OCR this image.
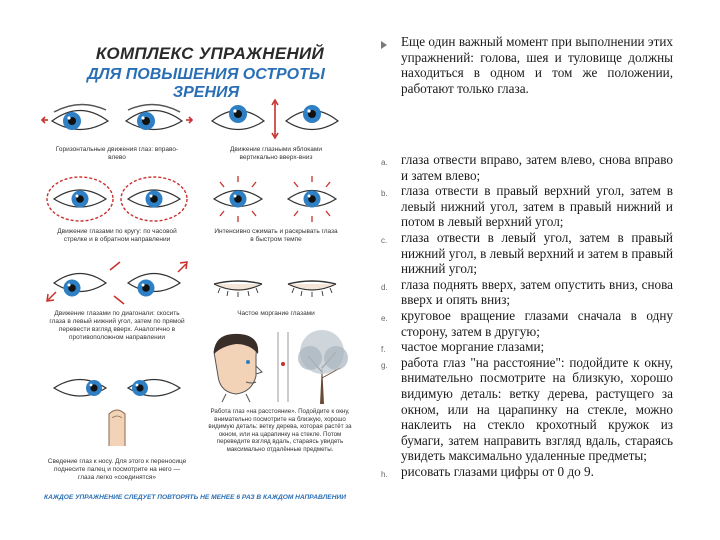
КОМПЛЕКС УПРАЖНЕНИЙ
ДЛЯ ПОВЫШЕНИЯ ОСТРОТЫ ЗРЕНИЯ
Горизонтальные движения глаз: вправо-влево
Движение глазными яблоками вертикально вверх-вниз
Движение глазами по кругу: по часовой стрелке и в обратном направлении
Интенсивно сжимать и раскрывать глаза в быстром темпе
Движение глазами по диагонали: скосить глаза в левый нижний угол, затем по прямой перевести взгляд вверх. Аналогично в противоположном направлении
Частое моргание глазами
Сведение глаз к носу. Для этого к переносице поднесите палец и посмотрите на него — глаза легко «соединятся»
Работа глаз «на расстояние». Подойдите к окну, внимательно посмотрите на близкую, хорошо видимую деталь: ветку дерева, которая растёт за окном, или на царапинку на стекле. Потом переведите взгляд вдаль, стараясь увидеть максимально отдалённые предметы.
КАЖДОЕ УПРАЖНЕНИЕ СЛЕДУЕТ ПОВТОРЯТЬ НЕ МЕНЕЕ 6 РАЗ В КАЖДОМ НАПРАВЛЕНИИ
Еще один важный момент при выполнении этих упражнений: голова, шея и туловище должны находиться в одном и том же положении, работают только глаза.
a. глаза отвести вправо, затем влево, снова вправо и затем влево;
b. глаза отвести в правый верхний угол, затем в левый нижний угол, затем в правый нижний и потом в левый верхний угол;
c. глаза отвести в левый угол, затем в правый нижний угол, в левый верхний и затем в правый нижний угол;
d. глаза поднять вверх, затем опустить вниз, снова вверх и опять вниз;
e. круговое вращение глазами сначала в одну сторону, затем в другую;
f. частое моргание глазами;
g. работа глаз "на расстояние": подойдите к окну, внимательно посмотрите на близкую, хорошо видимую деталь: ветку дерева, растущего за окном, или на царапинку на стекле, можно наклеить на стекло крохотный кружок из бумаги, затем направить взгляд вдаль, стараясь увидеть максимально удаленные предметы;
h. рисовать глазами цифры от 0 до 9.
